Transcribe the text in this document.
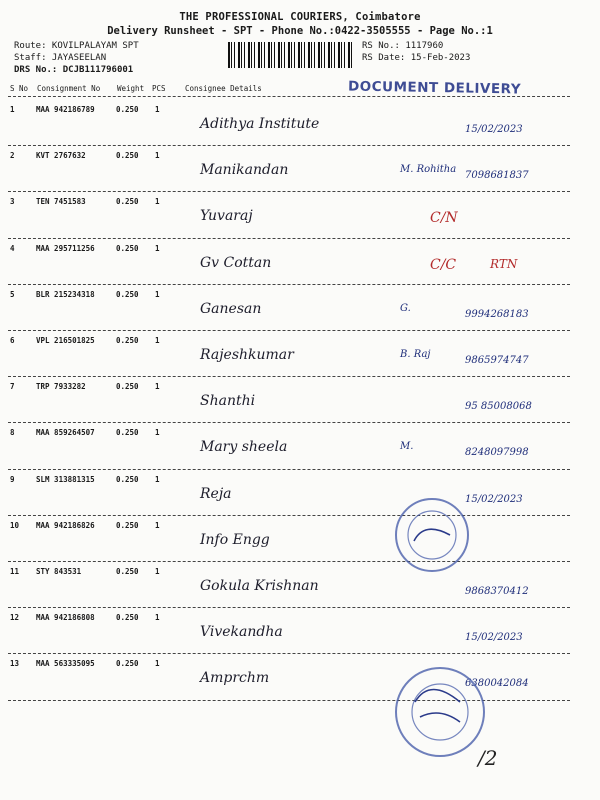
THE PROFESSIONAL COURIERS, Coimbatore
Delivery Runsheet - SPT - Phone No.:0422-3505555 - Page No.:1
Route: KOVILPALAYAM SPT
Staff: JAYASEELAN
DRS No.: DCJB111796001
RS No.: 1117960
RS Date: 15-Feb-2023
S No Consignment No Weight PCS	Consignee Details	DOCUMENT DELIVERY
1	MAA 942186789	0.250 1
Adithya Institute	15/02/2023
2	KVT 2767632	0.250 1
Manikandan	M. Rohitha
7098681837
3	TEN 7451583	0.250 1
Yuvaraj	C/N
4	MAA 295711256	0.250 1
Gv Cottan	C/C	RTN
5	BLR 215234318	0.250 1
Ganesan	G.
9994268183
6	VPL 216501825	0.250 1
Rajeshkumar	B. Raj
9865974747
7	TRP 7933282	0.250 1
Shanthi	95 85008068
8	MAA 859264507	0.250 1
Mary sheela	M.
8248097998
9	SLM 313881315	0.250 1
Reja	15/02/2023
10 MAA 942186826	0.250 1
Info Engg
11 STY 843531	0.250 1
Gokula Krishnan	9868370412
12 MAA 942186808	0.250 1
Vivekandha	15/02/2023
13 MAA 563335095	0.250 1
Amprchm	6380042084
/2
